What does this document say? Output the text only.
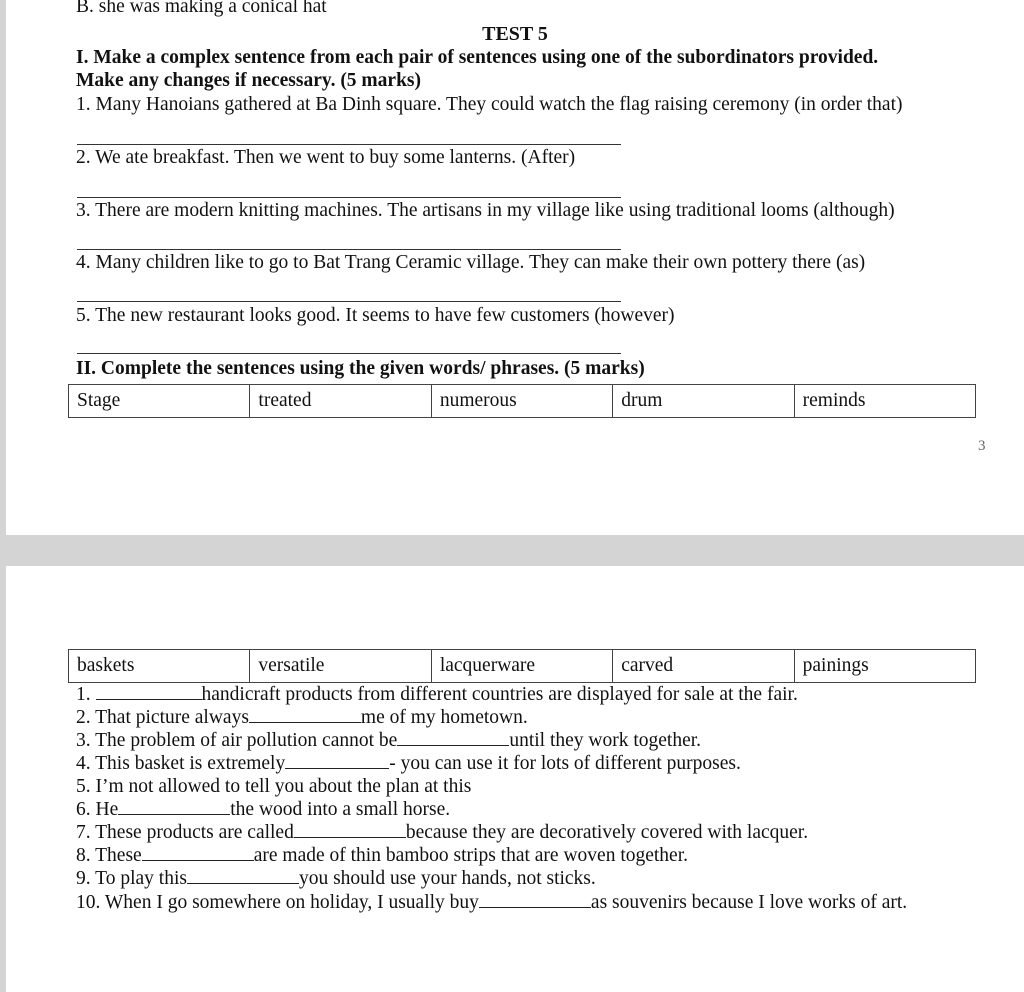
B. she was making a conical hat
TEST 5
I. Make a complex sentence from each pair of sentences using one of the subordinators provided.
Make any changes if necessary. (5 marks)
1. Many Hanoians gathered at Ba Dinh square. They could watch the flag raising ceremony (in order that)
2. We ate breakfast. Then we went to buy some lanterns. (After)
3. There are modern knitting machines. The artisans in my village like using traditional looms (although)
4. Many children like to go to Bat Trang Ceramic village. They can make their own pottery there (as)
5. The new restaurant looks good. It seems to have few customers (however)
II. Complete the sentences using the given words/ phrases. (5 marks)
Stage	treated	numerous	drum	reminds
3
baskets	versatile	lacquerware	carved	painings
1.	handicraft products from different countries are displayed for sale at the fair.
2. That picture always	me of my hometown.
3. The problem of air pollution cannot be	until they work together.
4. This basket is extremely	- you can use it for lots of different purposes.
5. I’m not allowed to tell you about the plan at this
6. He	the wood into a small horse.
7. These products are called	because they are decoratively covered with lacquer.
8. These	are made of thin bamboo strips that are woven together.
9. To play this	you should use your hands, not sticks.
10. When I go somewhere on holiday, I usually buy	as souvenirs because I love works of art.
